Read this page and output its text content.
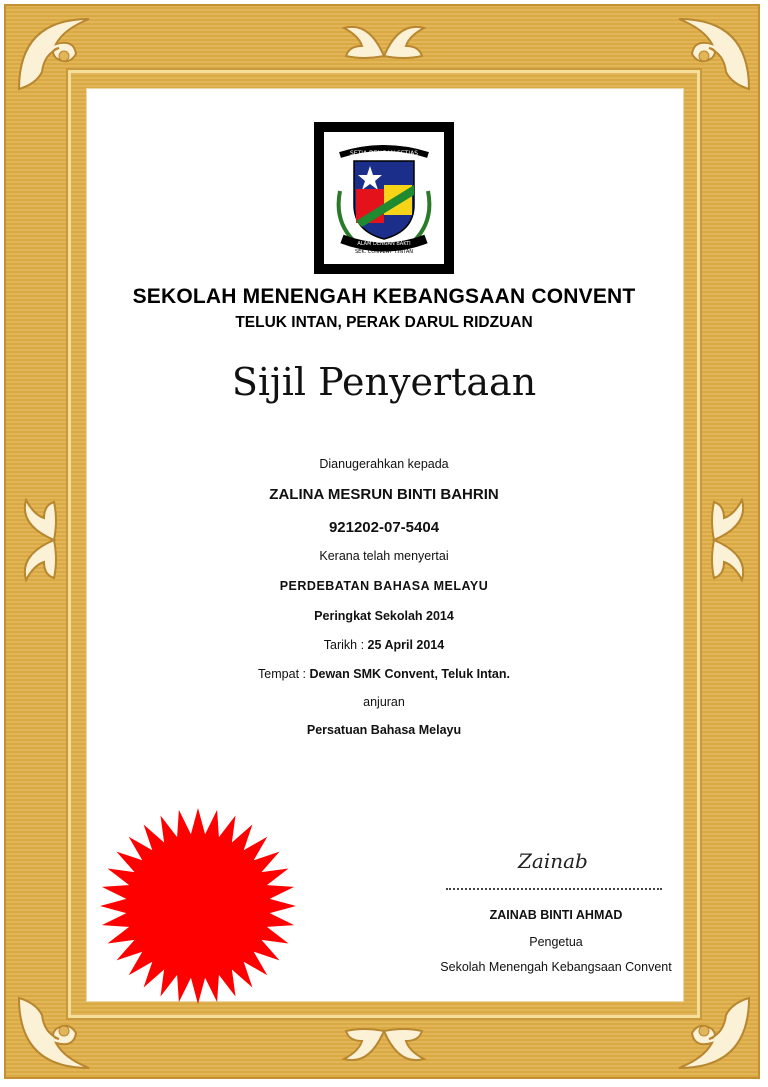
SETIA DENGAN SETIAS
ALAM DENGAN BAKTI
SEK. CONVENT T.INTAN
SEKOLAH MENENGAH KEBANGSAAN CONVENT
TELUK INTAN, PERAK DARUL RIDZUAN
Sijil Penyertaan
Dianugerahkan kepada
ZALINA MESRUN BINTI BAHRIN
921202-07-5404
Kerana telah menyertai
PERDEBATAN BAHASA MELAYU
Peringkat Sekolah 2014
Tarikh : 25 April 2014
Tempat : Dewan SMK Convent, Teluk Intan.
anjuran
Persatuan Bahasa Melayu
Zainab
ZAINAB BINTI AHMAD
Pengetua
Sekolah Menengah Kebangsaan Convent
